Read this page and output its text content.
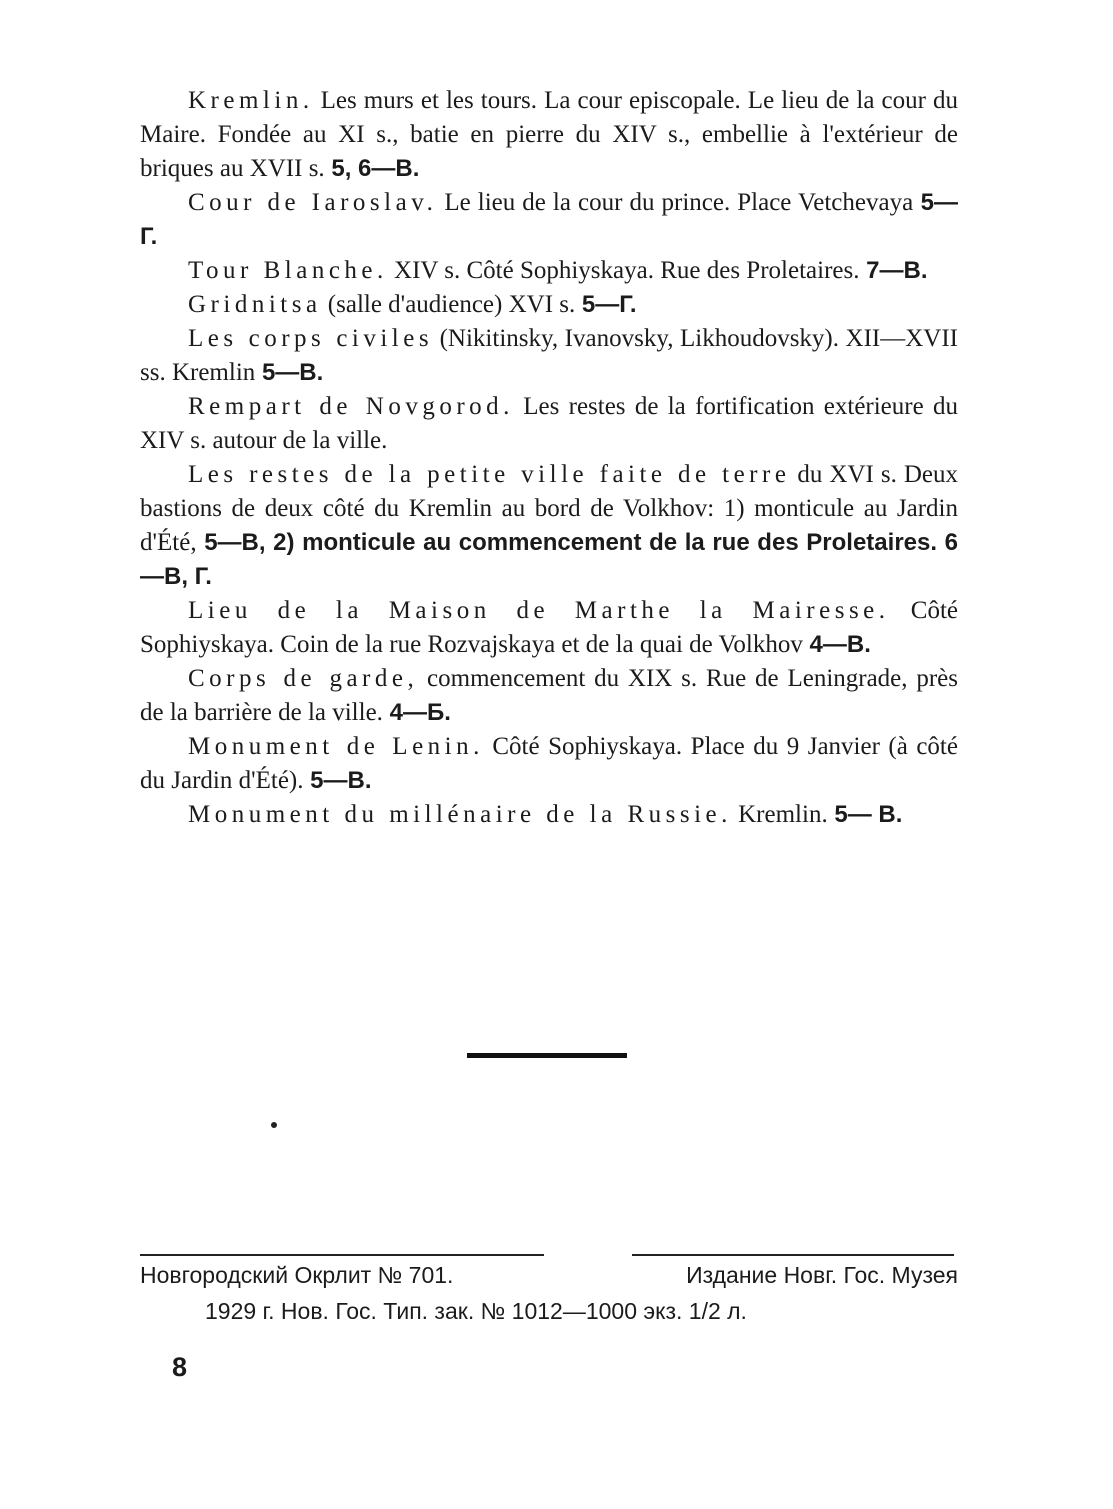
Kremlin. Les murs et les tours. La cour episcopale. Le lieu de la cour du Maire. Fondée au XI s., batie en pierre du XIV s., embellie à l'extérieur de briques au XVII s. 5, 6—B.

Cour de Iaroslav. Le lieu de la cour du prince. Place Vetchevaya 5—Г.

Tour Blanche. XIV s. Côté Sophiyskaya. Rue des Proletaires. 7—B.

Gridnitsa (salle d'audience) XVI s. 5—Г.

Les corps civiles (Nikitinsky, Ivanovsky, Likhoudovsky). XII—XVII ss. Kremlin 5—B.

Rempart de Novgorod. Les restes de la fortification extérieure du XIV s. autour de la ville.

Les restes de la petite ville faite de terre du XVI s. Deux bastions de deux côté du Kremlin au bord de Volkhov: 1) monticule au Jardin d'Été, 5—B, 2) monticule au commencement de la rue des Proletaires. 6—B, Г.

Lieu de la Maison de Marthe la Mairesse. Côté Sophiyskaya. Coin de la rue Rozvajskaya et de la quai de Volkhov 4—B.

Corps de garde, commencement du XIX s. Rue de Leningrade, près de la barrière de la ville. 4—Б.

Monument de Lenin. Côté Sophiyskaya. Place du 9 Janvier (à côté du Jardin d'Été). 5—B.

Monument du millénaire de la Russie. Kremlin. 5— B.

Новгородский Окрлит № 701.	Издание Новг. Гос. Музея
1929 г. Нов. Гос. Тип. зак. № 1012—1000 экз. 1/2 л.
8
